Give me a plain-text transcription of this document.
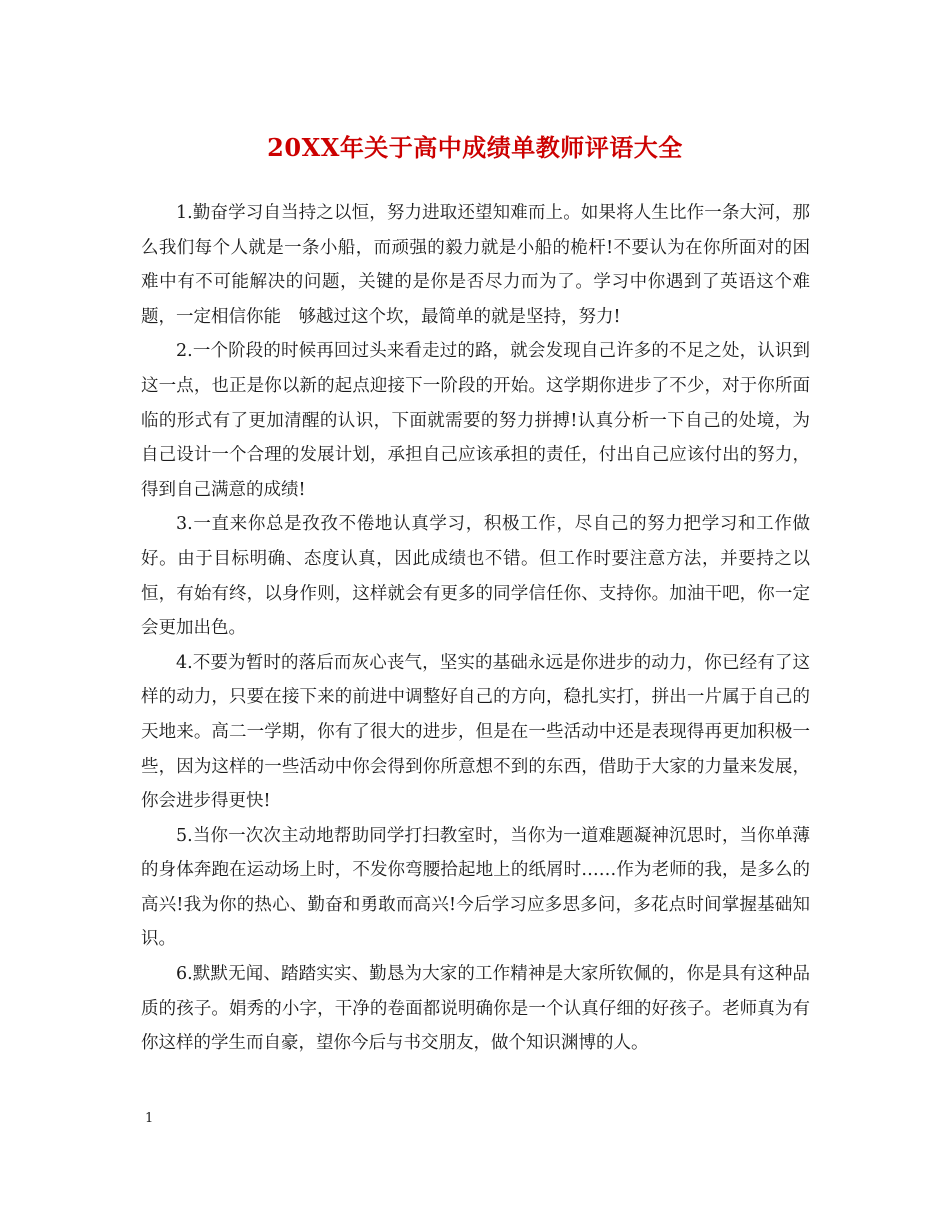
20XX年关于高中成绩单教师评语大全

1.勤奋学习自当持之以恒，努力进取还望知难而上。如果将人生比作一条大河，那么我们每个人就是一条小船，而顽强的毅力就是小船的桅杆!不要认为在你所面对的困难中有不可能解决的问题，关键的是你是否尽力而为了。学习中你遇到了英语这个难题，一定相信你能　够越过这个坎，最简单的就是坚持，努力!

2.一个阶段的时候再回过头来看走过的路，就会发现自己许多的不足之处，认识到这一点，也正是你以新的起点迎接下一阶段的开始。这学期你进步了不少，对于你所面临的形式有了更加清醒的认识，下面就需要的努力拼搏!认真分析一下自己的处境，为自己设计一个合理的发展计划，承担自己应该承担的责任，付出自己应该付出的努力，得到自己满意的成绩!

3.一直来你总是孜孜不倦地认真学习，积极工作，尽自己的努力把学习和工作做好。由于目标明确、态度认真，因此成绩也不错。但工作时要注意方法，并要持之以恒，有始有终，以身作则，这样就会有更多的同学信任你、支持你。加油干吧，你一定会更加出色。

4.不要为暂时的落后而灰心丧气，坚实的基础永远是你进步的动力，你已经有了这样的动力，只要在接下来的前进中调整好自己的方向，稳扎实打，拼出一片属于自己的天地来。高二一学期，你有了很大的进步，但是在一些活动中还是表现得再更加积极一些，因为这样的一些活动中你会得到你所意想不到的东西，借助于大家的力量来发展，你会进步得更快!

5.当你一次次主动地帮助同学打扫教室时，当你为一道难题凝神沉思时，当你单薄的身体奔跑在运动场上时，不发你弯腰拾起地上的纸屑时……作为老师的我，是多么的高兴!我为你的热心、勤奋和勇敢而高兴!今后学习应多思多问，多花点时间掌握基础知识。

6.默默无闻、踏踏实实、勤恳为大家的工作精神是大家所钦佩的，你是具有这种品质的孩子。娟秀的小字，干净的卷面都说明确你是一个认真仔细的好孩子。老师真为有你这样的学生而自豪，望你今后与书交朋友，做个知识渊博的人。

1
